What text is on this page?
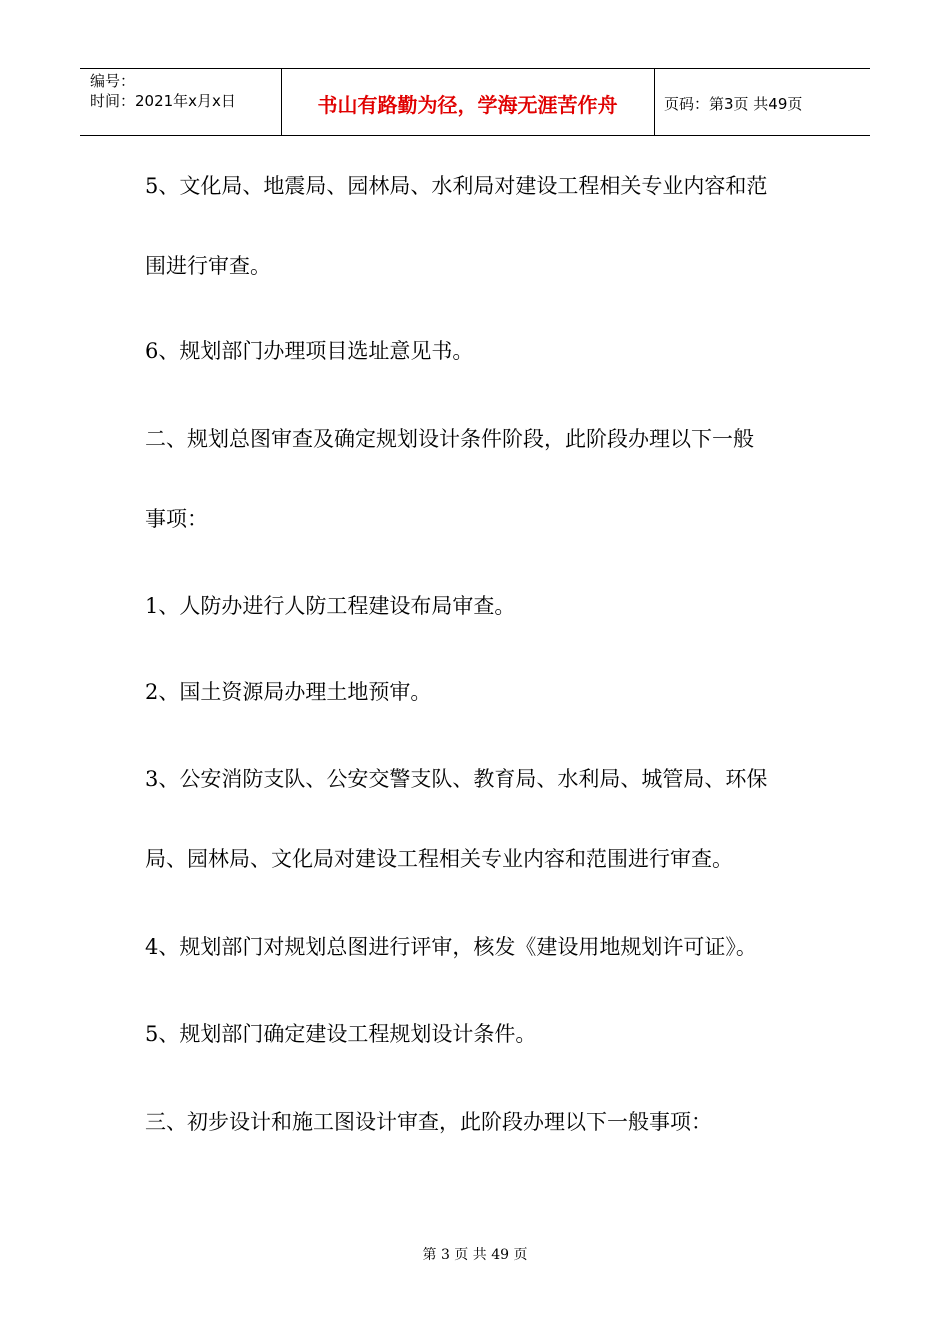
编号：
时间：2021年x月x日	书山有路勤为径，学海无涯苦作舟	页码：第3页 共49页
5、文化局、地震局、园林局、水利局对建设工程相关专业内容和范
围进行审查。
6、规划部门办理项目选址意见书。
二、规划总图审查及确定规划设计条件阶段，此阶段办理以下一般
事项：
1、人防办进行人防工程建设布局审查。
2、国土资源局办理土地预审。
3、公安消防支队、公安交警支队、教育局、水利局、城管局、环保
局、园林局、文化局对建设工程相关专业内容和范围进行审查。
4、规划部门对规划总图进行评审，核发《建设用地规划许可证》。
5、规划部门确定建设工程规划设计条件。
三、初步设计和施工图设计审查，此阶段办理以下一般事项：
第 3 页 共 49 页
